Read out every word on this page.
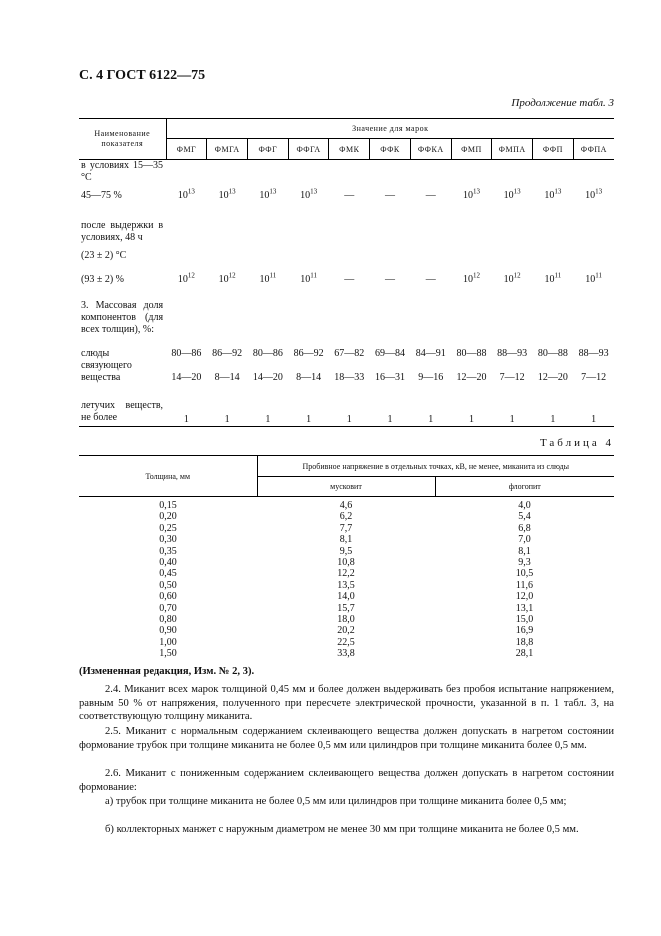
С. 4 ГОСТ 6122—75
Продолжение табл. 3
Наименование показателя	Значение для марок										
	ФМГ	ФМГА	ФФГ	ФФГА	ФМК	ФФК	ФФКА	ФМП	ФМПА	ФФП	ФФПА
в условиях 15—35 °С											
45—75 %	$10^{13}$	$10^{13}$	$10^{13}$	$10^{13}$	—	—	—	$10^{13}$	$10^{13}$	$10^{13}$	$10^{13}$
после выдержки в условиях, 48 ч											
(23 ± 2) °С											
(93 ± 2) %	$10^{12}$	$10^{12}$	$10^{11}$	$10^{11}$	—	—	—	$10^{12}$	$10^{12}$	$10^{11}$	$10^{11}$
3. Массовая доля компонентов (для всех толщин), %:											
слюды	80—86	86—92	80—86	86—92	67—82	69—84	84—91	80—88	88—93	80—88	88—93
связующего вещества	14—20	8—14	14—20	8—14	18—33	16—31	9—16	12—20	7—12	12—20	7—12
летучих веществ, не более	1	1	1	1	1	1	1	1	1	1	1
Таблица 4
Толщина, мм	Пробивное напряжение в отдельных точках, кВ, не менее, миканита из слюды	
	мусковит	флогопит
0,15	4,6	4,0
0,20	6,2	5,4
0,25	7,7	6,8
0,30	8,1	7,0
0,35	9,5	8,1
0,40	10,8	9,3
0,45	12,2	10,5
0,50	13,5	11,6
0,60	14,0	12,0
0,70	15,7	13,1
0,80	18,0	15,0
0,90	20,2	16,9
1,00	22,5	18,8
1,50	33,8	28,1
(Измененная редакция, Изм. № 2, 3).
2.4. Миканит всех марок толщиной 0,45 мм и более должен выдерживать без пробоя испытание напряжением, равным 50 % от напряжения, полученного при пересчете электрической прочности, указанной в п. 1 табл. 3, на соответствующую толщину миканита.
2.5. Миканит с нормальным содержанием склеивающего вещества должен допускать в нагретом состоянии формование трубок при толщине миканита не более 0,5 мм или цилиндров при толщине миканита более 0,5 мм.
2.6. Миканит с пониженным содержанием склеивающего вещества должен допускать в нагретом состоянии формование:
а) трубок при толщине миканита не более 0,5 мм или цилиндров при толщине миканита более 0,5 мм;
б) коллекторных манжет с наружным диаметром не менее 30 мм при толщине миканита не более 0,5 мм.
